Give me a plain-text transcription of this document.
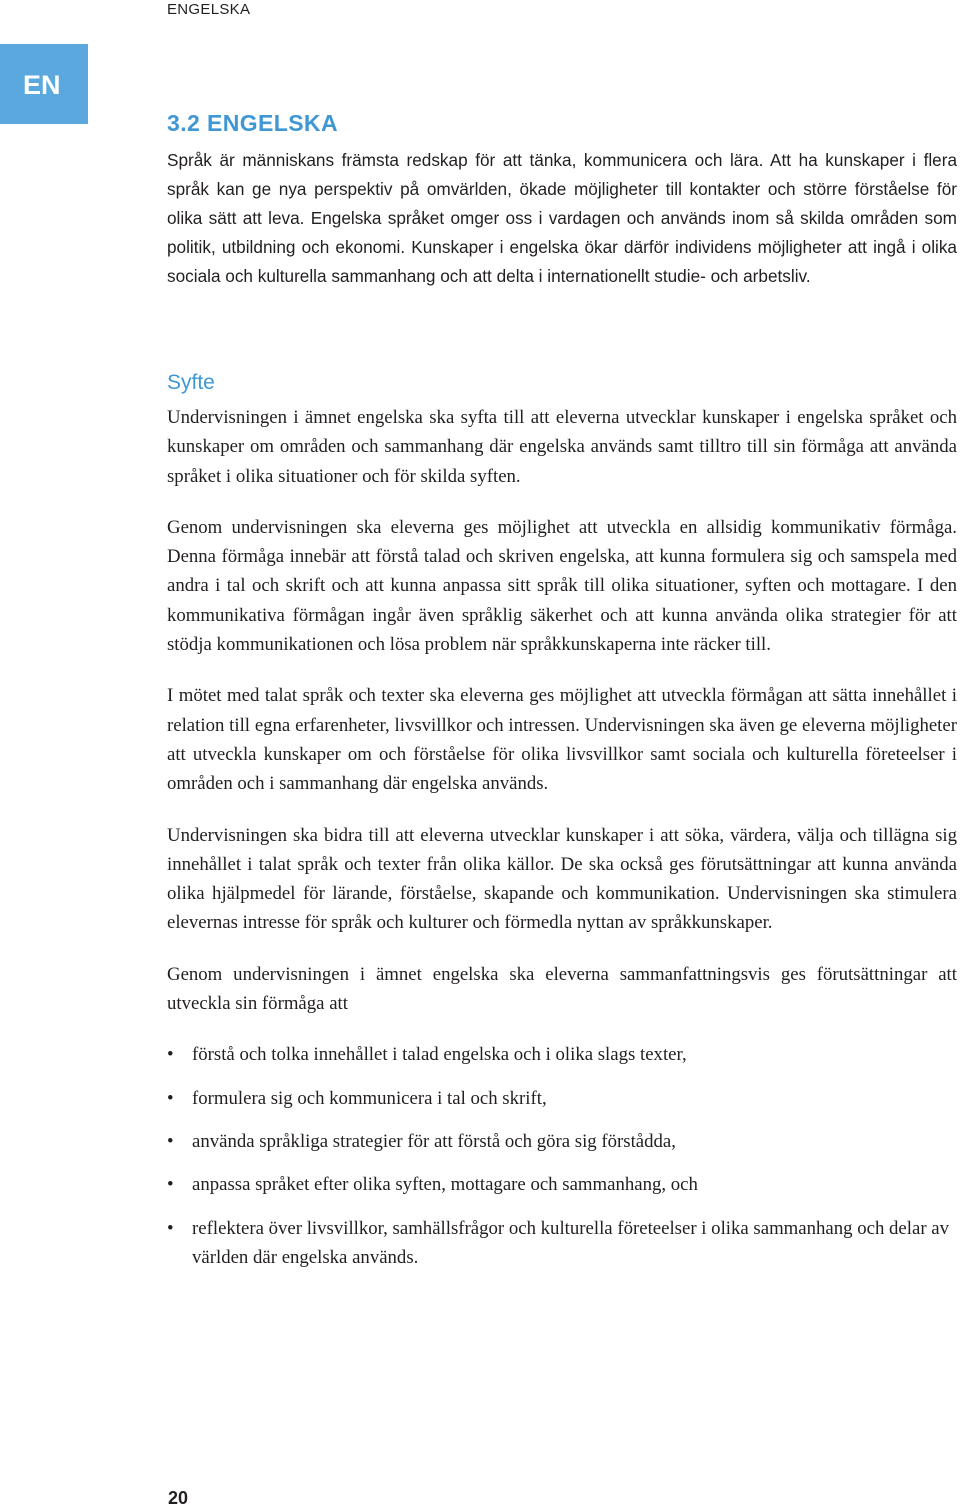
ENGELSKA
EN
3.2 ENGELSKA

Språk är människans främsta redskap för att tänka, kommunicera och lära. Att ha kunskaper i flera språk kan ge nya perspektiv på omvärlden, ökade möjligheter till kontakter och större förståelse för olika sätt att leva. Engelska språket omger oss i vardagen och används inom så skilda områden som politik, utbildning och ekonomi. Kunskaper i engelska ökar därför individens möjligheter att ingå i olika sociala och kulturella sammanhang och att delta i internationellt studie- och arbetsliv.

Syfte

Undervisningen i ämnet engelska ska syfta till att eleverna utvecklar kunskaper i engelska språket och kunskaper om områden och sammanhang där engelska används samt tilltro till sin förmåga att använda språket i olika situationer och för skilda syften.

Genom undervisningen ska eleverna ges möjlighet att utveckla en allsidig kommunikativ förmåga. Denna förmåga innebär att förstå talad och skriven engelska, att kunna formulera sig och samspela med andra i tal och skrift och att kunna anpassa sitt språk till olika situationer, syften och mottagare. I den kommunikativa förmågan ingår även språklig säkerhet och att kunna använda olika strategier för att stödja kommunikationen och lösa problem när språkkunskaperna inte räcker till.

I mötet med talat språk och texter ska eleverna ges möjlighet att utveckla förmågan att sätta innehållet i relation till egna erfarenheter, livsvillkor och intressen. Undervisningen ska även ge eleverna möjligheter att utveckla kunskaper om och förståelse för olika livsvillkor samt sociala och kulturella företeelser i områden och i sammanhang där engelska används.

Undervisningen ska bidra till att eleverna utvecklar kunskaper i att söka, värdera, välja och tillägna sig innehållet i talat språk och texter från olika källor. De ska också ges förutsättningar att kunna använda olika hjälpmedel för lärande, förståelse, skapande och kommunikation. Undervisningen ska stimulera elevernas intresse för språk och kulturer och förmedla nyttan av språkkunskaper.

Genom undervisningen i ämnet engelska ska eleverna sammanfattningsvis ges förutsättningar att utveckla sin förmåga att

• förstå och tolka innehållet i talad engelska och i olika slags texter,
• formulera sig och kommunicera i tal och skrift,
• använda språkliga strategier för att förstå och göra sig förstådda,
• anpassa språket efter olika syften, mottagare och sammanhang, och
• reflektera över livsvillkor, samhällsfrågor och kulturella företeelser i olika sammanhang och delar av världen där engelska används.
20
